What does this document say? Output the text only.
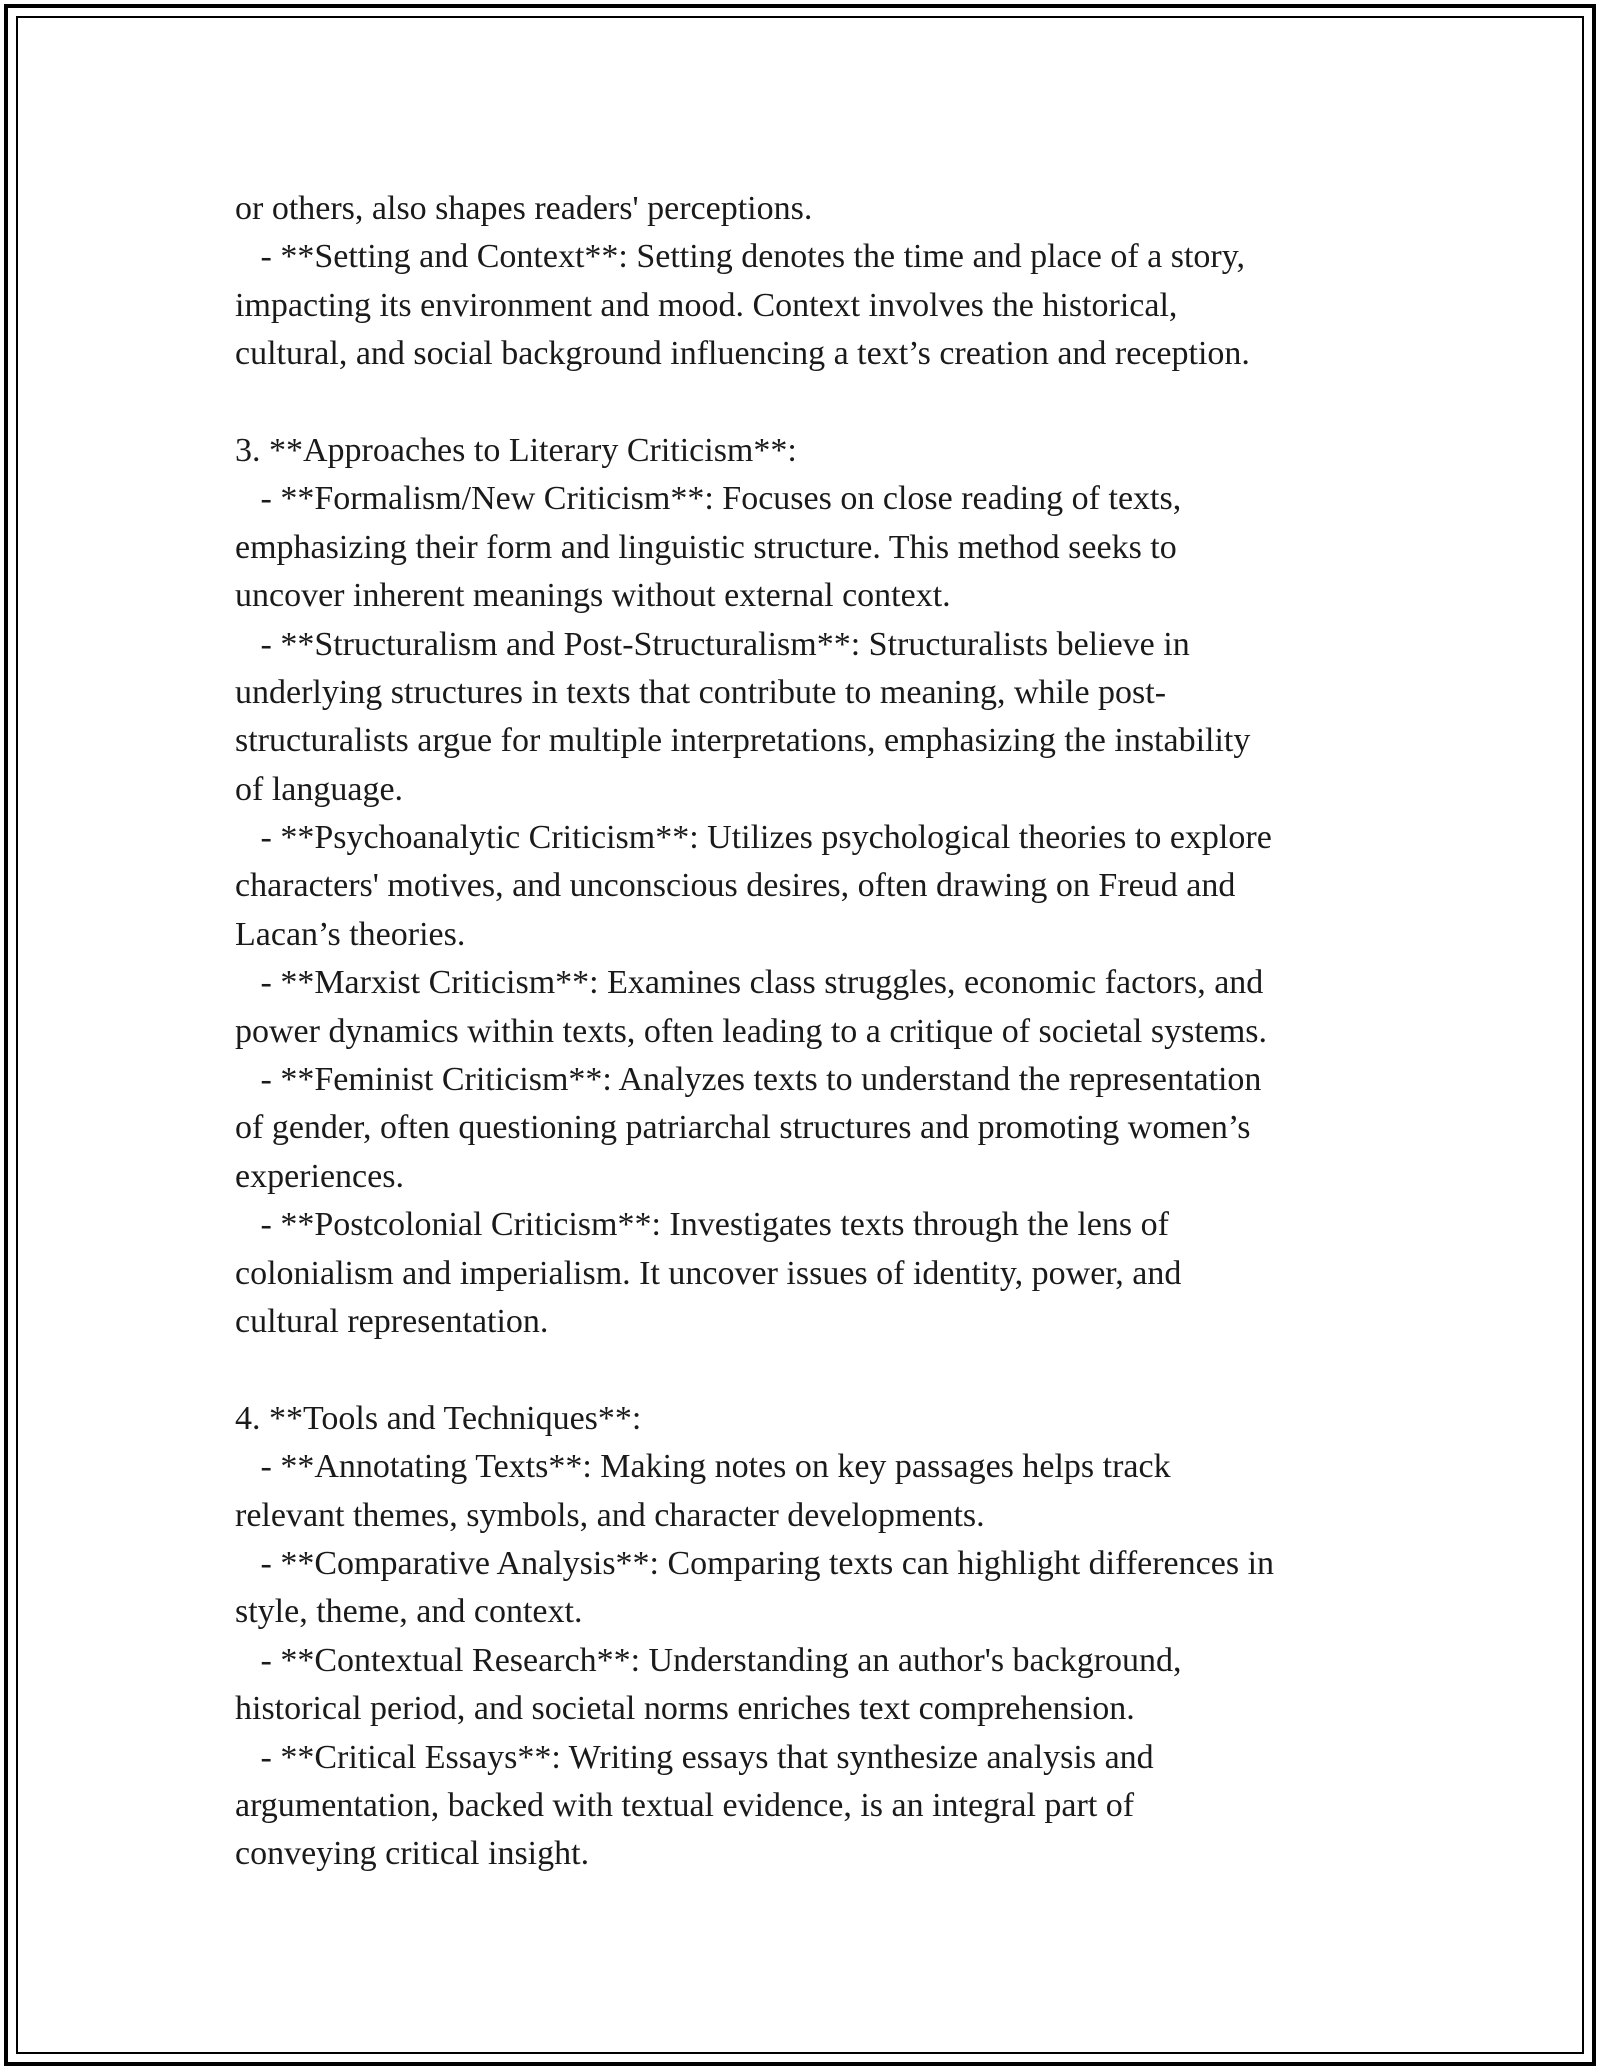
or others, also shapes readers' perceptions.
- **Setting and Context**: Setting denotes the time and place of a story,
impacting its environment and mood. Context involves the historical,
cultural, and social background influencing a text’s creation and reception.
3. **Approaches to Literary Criticism**:
- **Formalism/New Criticism**: Focuses on close reading of texts,
emphasizing their form and linguistic structure. This method seeks to
uncover inherent meanings without external context.
- **Structuralism and Post-Structuralism**: Structuralists believe in
underlying structures in texts that contribute to meaning, while post-
structuralists argue for multiple interpretations, emphasizing the instability
of language.
- **Psychoanalytic Criticism**: Utilizes psychological theories to explore
characters' motives, and unconscious desires, often drawing on Freud and
Lacan’s theories.
- **Marxist Criticism**: Examines class struggles, economic factors, and
power dynamics within texts, often leading to a critique of societal systems.
- **Feminist Criticism**: Analyzes texts to understand the representation
of gender, often questioning patriarchal structures and promoting women’s
experiences.
- **Postcolonial Criticism**: Investigates texts through the lens of
colonialism and imperialism. It uncover issues of identity, power, and
cultural representation.
4. **Tools and Techniques**:
- **Annotating Texts**: Making notes on key passages helps track
relevant themes, symbols, and character developments.
- **Comparative Analysis**: Comparing texts can highlight differences in
style, theme, and context.
- **Contextual Research**: Understanding an author's background,
historical period, and societal norms enriches text comprehension.
- **Critical Essays**: Writing essays that synthesize analysis and
argumentation, backed with textual evidence, is an integral part of
conveying critical insight.
